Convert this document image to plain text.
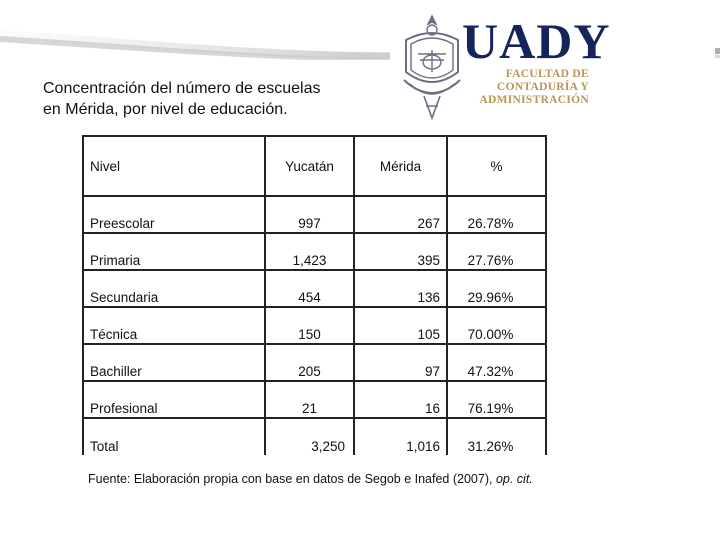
UADY
FACULTAD DE
CONTADURÍA Y
ADMINISTRACIÓN
Concentración del número de escuelas
en Mérida, por nivel de educación.
Nivel	Yucatán	Mérida	%
Preescolar	997	267	26.78%
Primaria	1,423	395	27.76%
Secundaria	454	136	29.96%
Técnica	150	105	70.00%
Bachiller	205	97	47.32%
Profesional	21	16	76.19%
Total	3,250	1,016	31.26%
Fuente: Elaboración propia con base en datos de Segob e Inafed (2007), op. cit.
